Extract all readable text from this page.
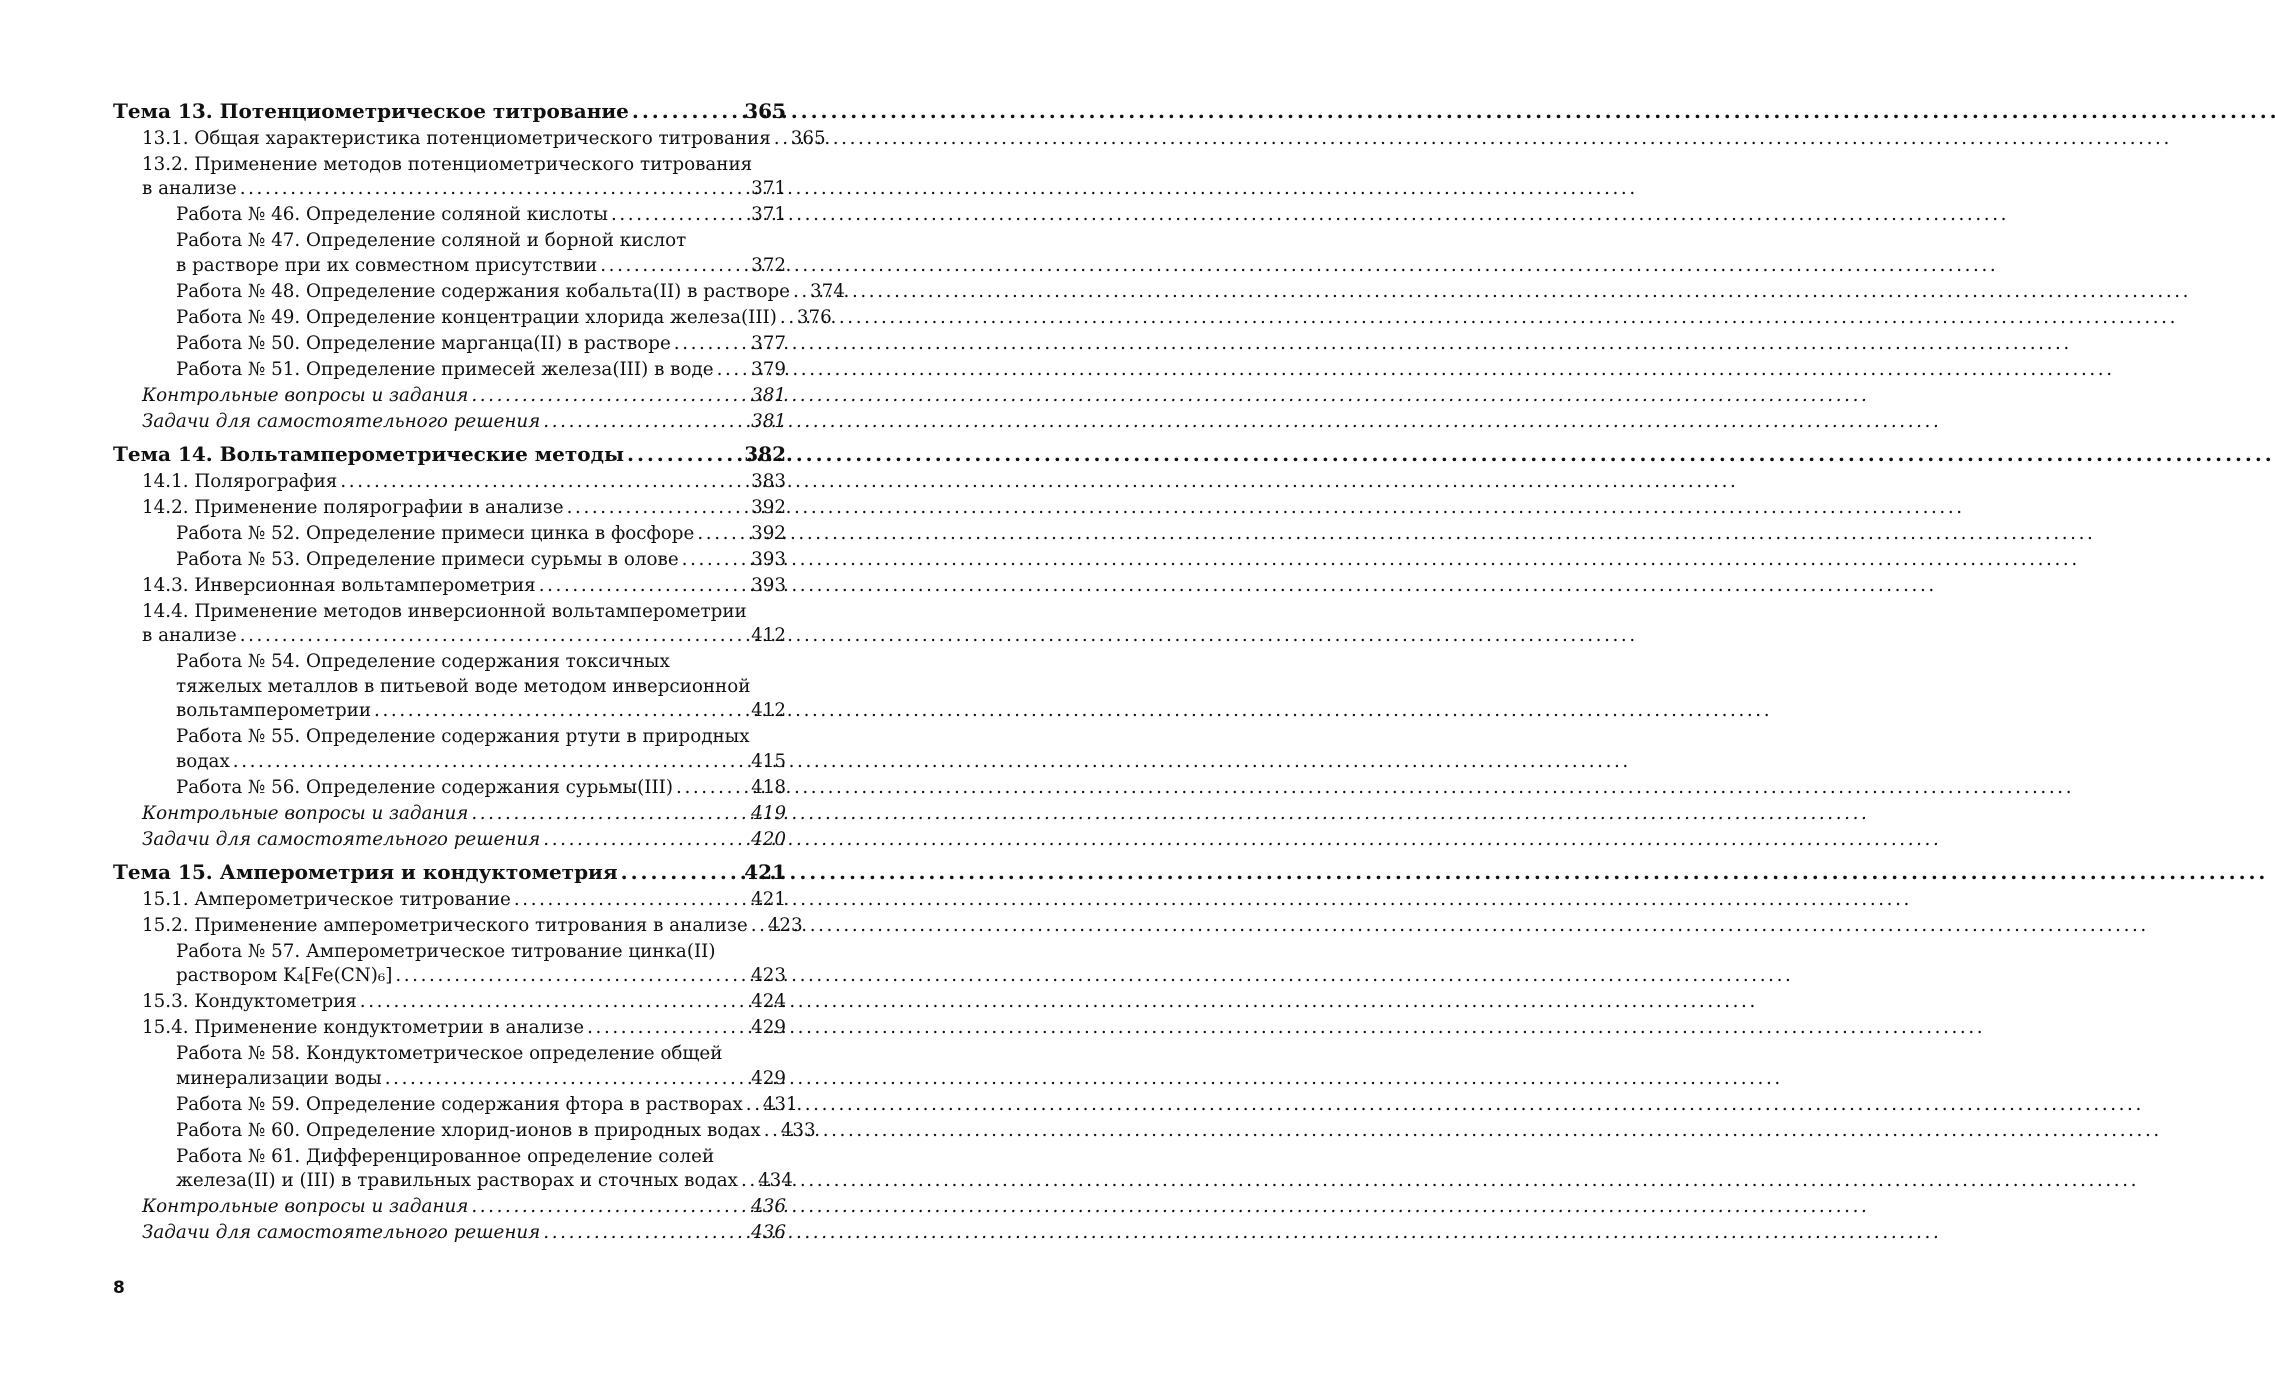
Тема 13. Потенциометрическое титрование . . .	365
13.1. Общая характеристика потенциометрического титрования . . . 365
13.2. Применение методов потенциометрического титрования
в анализе . . .	371
Работа № 46. Определение соляной кислоты . . .	371
Работа № 47. Определение соляной и борной кислот
в растворе при их совместном присутствии . . .	372
Работа № 48. Определение содержания кобальта(II) в растворе . . . 374
Работа № 49. Определение концентрации хлорида железа(III) . . . 376
Работа № 50. Определение марганца(II) в растворе . . .	377
Работа № 51. Определение примесей железа(III) в воде . . . 379
Контрольные вопросы и задания . . .	381
Задачи для самостоятельного решения . . .	381
Тема 14. Вольтамперометрические методы . . .	382
14.1. Полярография . . .	383
14.2. Применение полярографии в анализе . . .	392
Работа № 52. Определение примеси цинка в фосфоре . . .	392
Работа № 53. Определение примеси сурьмы в олове . . .	393
14.3. Инверсионная вольтамперометрия . . .	393
14.4. Применение методов инверсионной вольтамперометрии
в анализе . . .	412
Работа № 54. Определение содержания токсичных
тяжелых металлов в питьевой воде методом инверсионной
вольтамперометрии . . .	412
Работа № 55. Определение содержания ртути в природных
водах . . .	415
Работа № 56. Определение содержания сурьмы(III) . . .	418
Контрольные вопросы и задания . . .	419
Задачи для самостоятельного решения . . .	420
Тема 15. Амперометрия и кондуктометрия . . .	421
15.1. Амперометрическое титрование . . .	421
15.2. Применение амперометрического титрования в анализе . . . 423
Работа № 57. Амперометрическое титрование цинка(II)
раствором K₄[Fe(CN)₆] . . .	423
15.3. Кондуктометрия . . .	424
15.4. Применение кондуктометрии в анализе . . .	429
Работа № 58. Кондуктометрическое определение общей
минерализации воды . . .	429
Работа № 59. Определение содержания фтора в растворах . . . 431
Работа № 60. Определение хлорид-ионов в природных водах . . . 433
Работа № 61. Дифференцированное определение солей
железа(II) и (III) в травильных растворах и сточных водах . . . 434
Контрольные вопросы и задания . . .	436
Задачи для самостоятельного решения . . .	436
8
